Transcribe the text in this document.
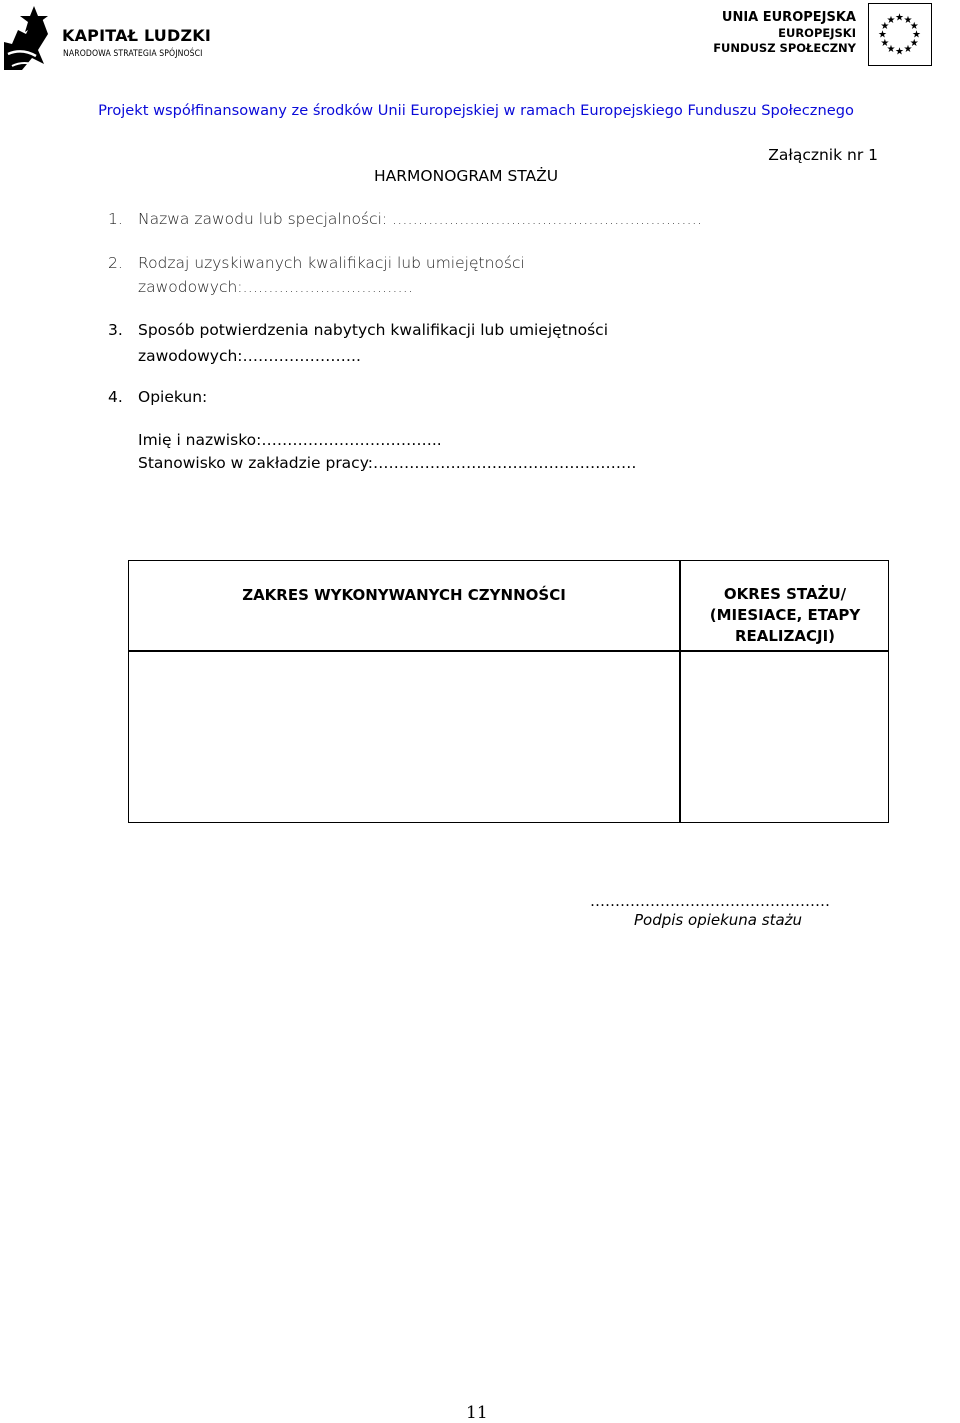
KAPITAŁ LUDZKI
NARODOWA STRATEGIA SPÓJNOŚCI
UNIA EUROPEJSKA
EUROPEJSKI
FUNDUSZ SPOŁECZNY
★ ★
★
★
★
★
★
★
★
★
★
★
Projekt współfinansowany ze środków Unii Europejskiej w ramach Europejskiego Funduszu Społecznego
Załącznik nr 1
HARMONOGRAM STAŻU
1. Nazwa zawodu lub specjalności: ……………………………………………………
2. Rodzaj uzyskiwanych kwalifikacji lub umiejętności
zawodowych:……………………………
3. Sposób potwierdzenia nabytych kwalifikacji lub umiejętności
zawodowych:…………………..
4. Opiekun:
Imię i nazwisko:……………………………..
Stanowisko w zakładzie pracy:……………………………………………
ZAKRES WYKONYWANYCH CZYNNOŚCI	OKRES STAŻU/
(MIESIACE, ETAPY
REALIZACJI)
…………………………………………
Podpis opiekuna stażu
11
